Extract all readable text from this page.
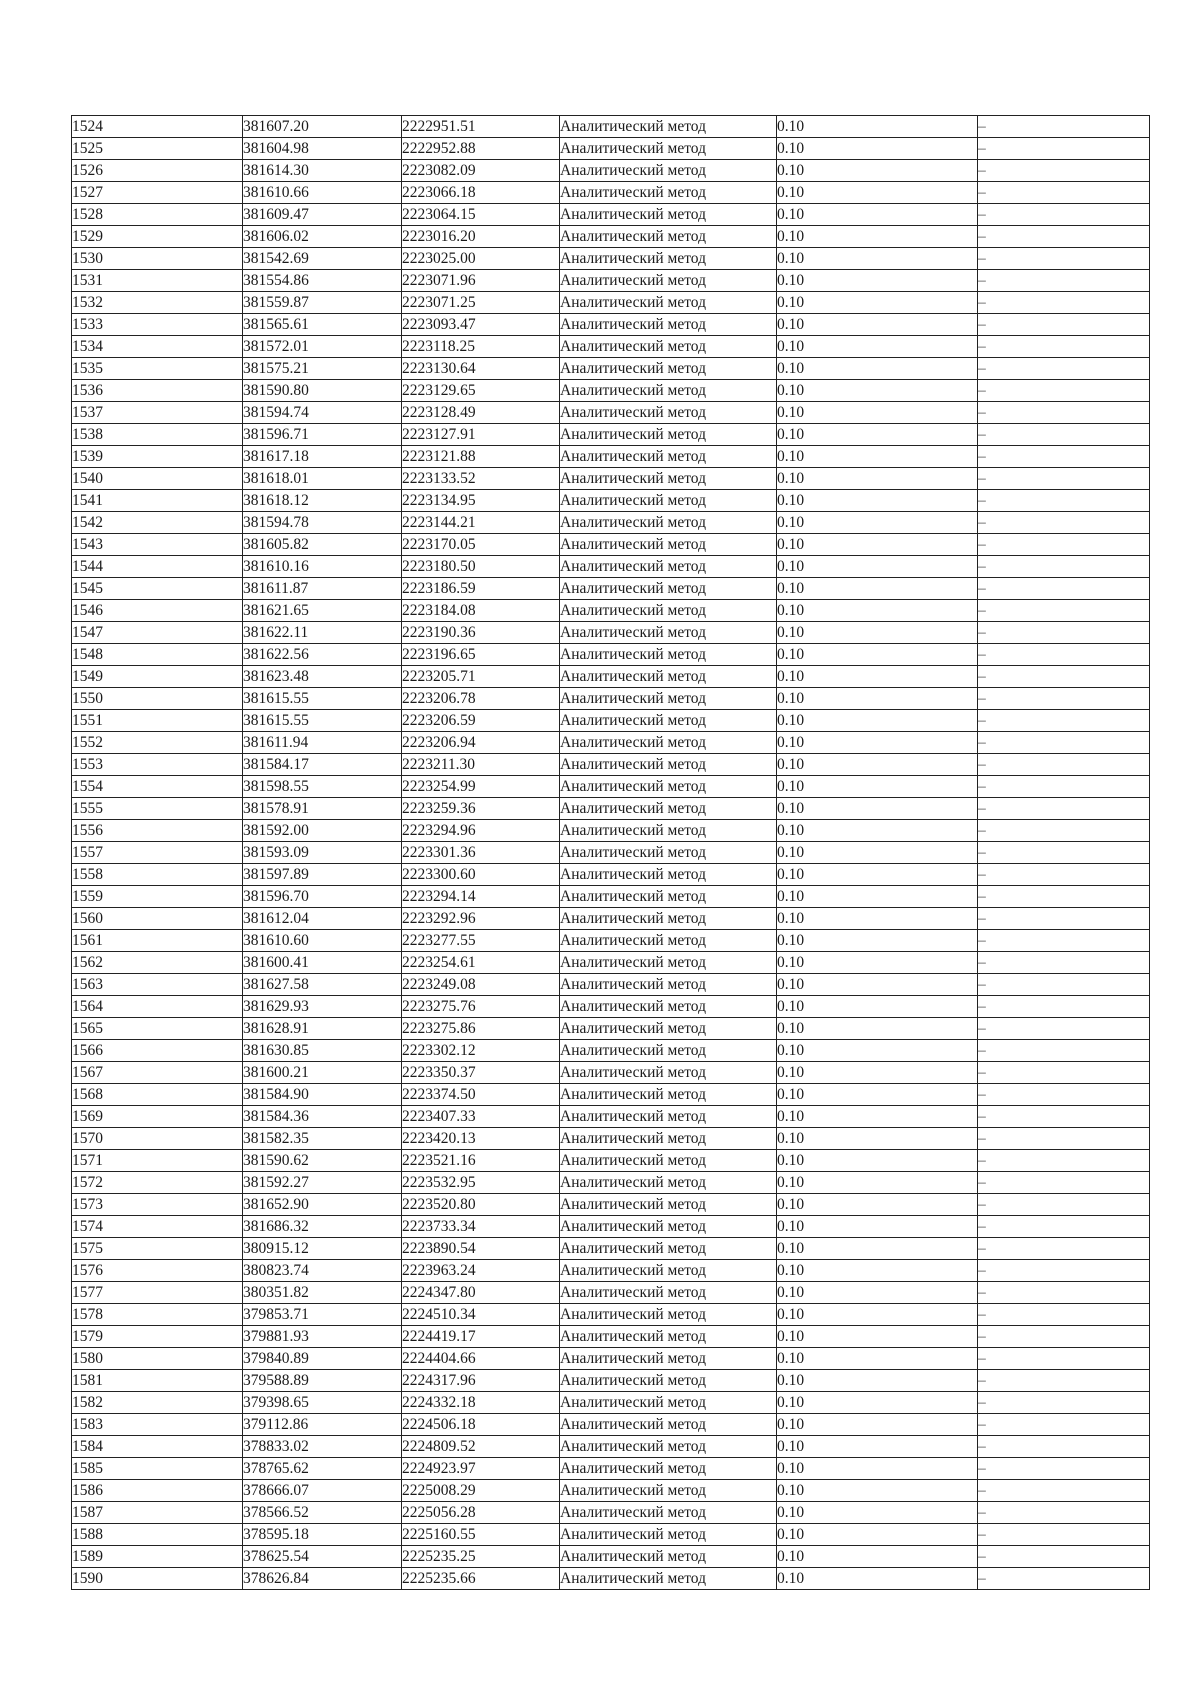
1524	381607.20	2222951.51	Аналитический метод	0.10	–
1525	381604.98	2222952.88	Аналитический метод	0.10	–
1526	381614.30	2223082.09	Аналитический метод	0.10	–
1527	381610.66	2223066.18	Аналитический метод	0.10	–
1528	381609.47	2223064.15	Аналитический метод	0.10	–
1529	381606.02	2223016.20	Аналитический метод	0.10	–
1530	381542.69	2223025.00	Аналитический метод	0.10	–
1531	381554.86	2223071.96	Аналитический метод	0.10	–
1532	381559.87	2223071.25	Аналитический метод	0.10	–
1533	381565.61	2223093.47	Аналитический метод	0.10	–
1534	381572.01	2223118.25	Аналитический метод	0.10	–
1535	381575.21	2223130.64	Аналитический метод	0.10	–
1536	381590.80	2223129.65	Аналитический метод	0.10	–
1537	381594.74	2223128.49	Аналитический метод	0.10	–
1538	381596.71	2223127.91	Аналитический метод	0.10	–
1539	381617.18	2223121.88	Аналитический метод	0.10	–
1540	381618.01	2223133.52	Аналитический метод	0.10	–
1541	381618.12	2223134.95	Аналитический метод	0.10	–
1542	381594.78	2223144.21	Аналитический метод	0.10	–
1543	381605.82	2223170.05	Аналитический метод	0.10	–
1544	381610.16	2223180.50	Аналитический метод	0.10	–
1545	381611.87	2223186.59	Аналитический метод	0.10	–
1546	381621.65	2223184.08	Аналитический метод	0.10	–
1547	381622.11	2223190.36	Аналитический метод	0.10	–
1548	381622.56	2223196.65	Аналитический метод	0.10	–
1549	381623.48	2223205.71	Аналитический метод	0.10	–
1550	381615.55	2223206.78	Аналитический метод	0.10	–
1551	381615.55	2223206.59	Аналитический метод	0.10	–
1552	381611.94	2223206.94	Аналитический метод	0.10	–
1553	381584.17	2223211.30	Аналитический метод	0.10	–
1554	381598.55	2223254.99	Аналитический метод	0.10	–
1555	381578.91	2223259.36	Аналитический метод	0.10	–
1556	381592.00	2223294.96	Аналитический метод	0.10	–
1557	381593.09	2223301.36	Аналитический метод	0.10	–
1558	381597.89	2223300.60	Аналитический метод	0.10	–
1559	381596.70	2223294.14	Аналитический метод	0.10	–
1560	381612.04	2223292.96	Аналитический метод	0.10	–
1561	381610.60	2223277.55	Аналитический метод	0.10	–
1562	381600.41	2223254.61	Аналитический метод	0.10	–
1563	381627.58	2223249.08	Аналитический метод	0.10	–
1564	381629.93	2223275.76	Аналитический метод	0.10	–
1565	381628.91	2223275.86	Аналитический метод	0.10	–
1566	381630.85	2223302.12	Аналитический метод	0.10	–
1567	381600.21	2223350.37	Аналитический метод	0.10	–
1568	381584.90	2223374.50	Аналитический метод	0.10	–
1569	381584.36	2223407.33	Аналитический метод	0.10	–
1570	381582.35	2223420.13	Аналитический метод	0.10	–
1571	381590.62	2223521.16	Аналитический метод	0.10	–
1572	381592.27	2223532.95	Аналитический метод	0.10	–
1573	381652.90	2223520.80	Аналитический метод	0.10	–
1574	381686.32	2223733.34	Аналитический метод	0.10	–
1575	380915.12	2223890.54	Аналитический метод	0.10	–
1576	380823.74	2223963.24	Аналитический метод	0.10	–
1577	380351.82	2224347.80	Аналитический метод	0.10	–
1578	379853.71	2224510.34	Аналитический метод	0.10	–
1579	379881.93	2224419.17	Аналитический метод	0.10	–
1580	379840.89	2224404.66	Аналитический метод	0.10	–
1581	379588.89	2224317.96	Аналитический метод	0.10	–
1582	379398.65	2224332.18	Аналитический метод	0.10	–
1583	379112.86	2224506.18	Аналитический метод	0.10	–
1584	378833.02	2224809.52	Аналитический метод	0.10	–
1585	378765.62	2224923.97	Аналитический метод	0.10	–
1586	378666.07	2225008.29	Аналитический метод	0.10	–
1587	378566.52	2225056.28	Аналитический метод	0.10	–
1588	378595.18	2225160.55	Аналитический метод	0.10	–
1589	378625.54	2225235.25	Аналитический метод	0.10	–
1590	378626.84	2225235.66	Аналитический метод	0.10	–
